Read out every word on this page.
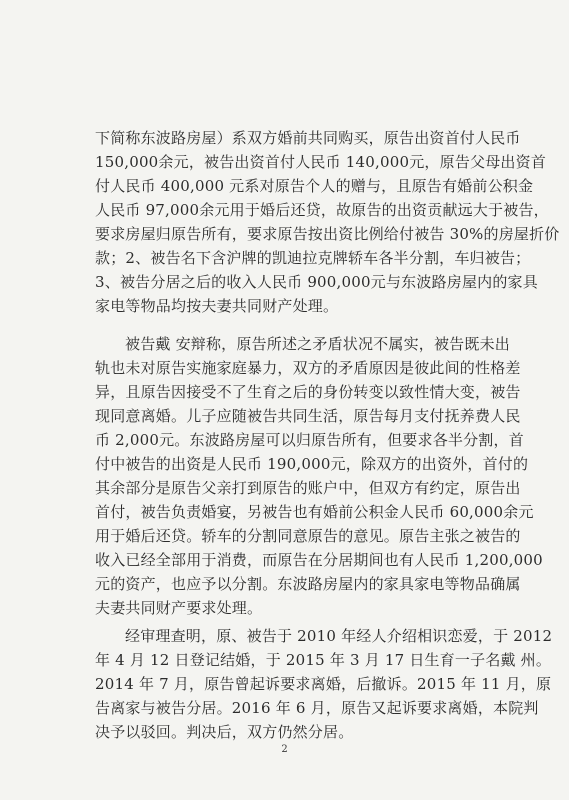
下简称东波路房屋）系双方婚前共同购买，原告出资首付人民币
150,000余元，被告出资首付人民币 140,000元，原告父母出资首
付人民币 400,000 元系对原告个人的赠与，且原告有婚前公积金
人民币 97,000余元用于婚后还贷，故原告的出资贡献远大于被告，
要求房屋归原告所有，要求原告按出资比例给付被告 30%的房屋折价
款；2、被告名下含沪牌的凯迪拉克牌轿车各半分割，车归被告；
3、被告分居之后的收入人民币 900,000元与东波路房屋内的家具
家电等物品均按夫妻共同财产处理。
被告戴 安辩称，原告所述之矛盾状况不属实，被告既未出
轨也未对原告实施家庭暴力，双方的矛盾原因是彼此间的性格差
异，且原告因接受不了生育之后的身份转变以致性情大变，被告
现同意离婚。儿子应随被告共同生活，原告每月支付抚养费人民
币 2,000元。东波路房屋可以归原告所有，但要求各半分割，首
付中被告的出资是人民币 190,000元，除双方的出资外，首付的
其余部分是原告父亲打到原告的账户中，但双方有约定，原告出
首付，被告负责婚宴，另被告也有婚前公积金人民币 60,000余元
用于婚后还贷。轿车的分割同意原告的意见。原告主张之被告的
收入已经全部用于消费，而原告在分居期间也有人民币 1,200,000
元的资产，也应予以分割。东波路房屋内的家具家电等物品确属
夫妻共同财产要求处理。
经审理查明，原、被告于 2010 年经人介绍相识恋爱，于 2012
年 4 月 12 日登记结婚，于 2015 年 3 月 17 日生育一子名戴 州。
2014 年 7 月，原告曾起诉要求离婚，后撤诉。2015 年 11 月，原
告离家与被告分居。2016 年 6 月，原告又起诉要求离婚，本院判
决予以驳回。判决后，双方仍然分居。
2
